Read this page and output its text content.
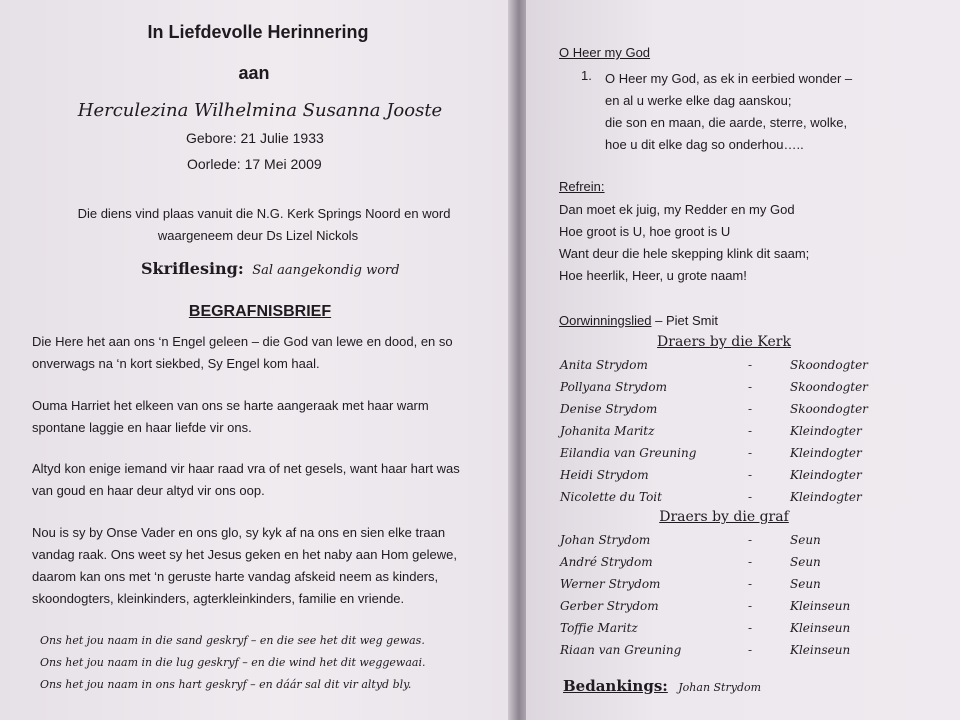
In Liefdevolle Herinnering
aan
Herculezina Wilhelmina Susanna Jooste
Gebore: 21 Julie 1933
Oorlede: 17 Mei 2009
Die diens vind plaas vanuit die N.G. Kerk Springs Noord en word
waargeneem deur Ds Lizel Nickols
Skriflesing: Sal aangekondig word
BEGRAFNISBRIEF
Die Here het aan ons ‘n Engel geleen – die God van lewe en dood, en so
onverwags na ‘n kort siekbed, Sy Engel kom haal.
Ouma Harriet het elkeen van ons se harte aangeraak met haar warm
spontane laggie en haar liefde vir ons.
Altyd kon enige iemand vir haar raad vra of net gesels, want haar hart was
van goud en haar deur altyd vir ons oop.
Nou is sy by Onse Vader en ons glo, sy kyk af na ons en sien elke traan
vandag raak. Ons weet sy het Jesus geken en het naby aan Hom gelewe,
daarom kan ons met ‘n geruste harte vandag afskeid neem as kinders,
skoondogters, kleinkinders, agterkleinkinders, familie en vriende.
Ons het jou naam in die sand geskryf – en die see het dit weg gewas.
Ons het jou naam in die lug geskryf – en die wind het dit weggewaai.
Ons het jou naam in ons hart geskryf – en dáár sal dit vir altyd bly.
O Heer my God
1. O Heer my God, as ek in eerbied wonder –
en al u werke elke dag aanskou;
die son en maan, die aarde, sterre, wolke,
hoe u dit elke dag so onderhou…..
Refrein:
Dan moet ek juig, my Redder en my God
Hoe groot is U, hoe groot is U
Want deur die hele skepping klink dit saam;
Hoe heerlik, Heer, u grote naam!
Oorwinningslied – Piet Smit
Draers by die Kerk
Anita Strydom	-	Skoondogter
Pollyana Strydom	-	Skoondogter
Denise Strydom	-	Skoondogter
Johanita Maritz	-	Kleindogter
Eilandia van Greuning	-	Kleindogter
Heidi Strydom	-	Kleindogter
Nicolette du Toit	-	Kleindogter
Draers by die graf
Johan Strydom	-	Seun
André Strydom	-	Seun
Werner Strydom	-	Seun
Gerber Strydom	-	Kleinseun
Toffie Maritz	-	Kleinseun
Riaan van Greuning	-	Kleinseun
Bedankings: Johan Strydom
